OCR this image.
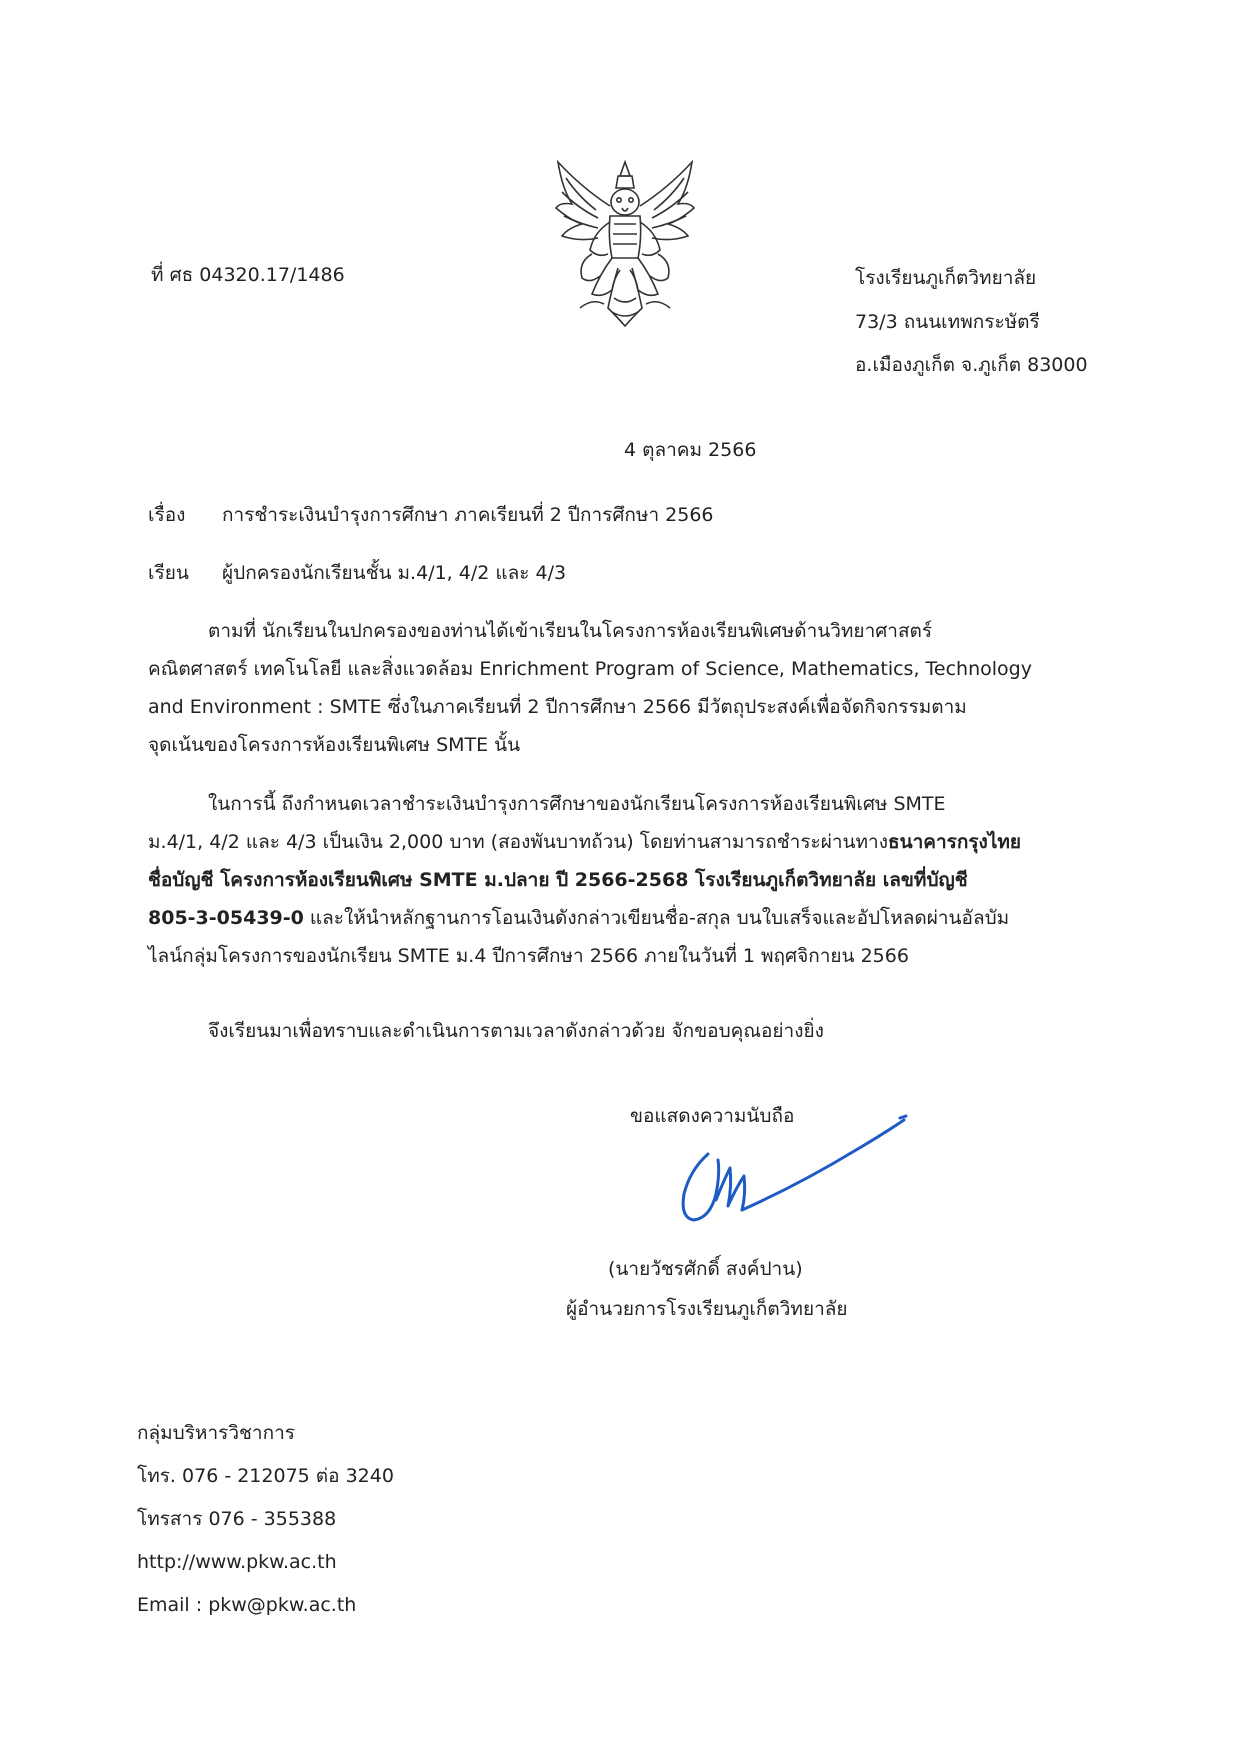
ที่ ศธ 04320.17/1486	โรงเรียนภูเก็ตวิทยาลัย
73/3 ถนนเทพกระษัตรี
อ.เมืองภูเก็ต จ.ภูเก็ต 83000
4 ตุลาคม 2566
เรื่อง การชำระเงินบำรุงการศึกษา ภาคเรียนที่ 2 ปีการศึกษา 2566
เรียน ผู้ปกครองนักเรียนชั้น ม.4/1, 4/2 และ 4/3
ตามที่ นักเรียนในปกครองของท่านได้เข้าเรียนในโครงการห้องเรียนพิเศษด้านวิทยาศาสตร์
คณิตศาสตร์ เทคโนโลยี และสิ่งแวดล้อม Enrichment Program of Science, Mathematics, Technology
and Environment : SMTE ซึ่งในภาคเรียนที่ 2 ปีการศึกษา 2566 มีวัตถุประสงค์เพื่อจัดกิจกรรมตาม
จุดเน้นของโครงการห้องเรียนพิเศษ SMTE นั้น
ในการนี้ ถึงกำหนดเวลาชำระเงินบำรุงการศึกษาของนักเรียนโครงการห้องเรียนพิเศษ SMTE
ม.4/1, 4/2 และ 4/3 เป็นเงิน 2,000 บาท (สองพันบาทถ้วน) โดยท่านสามารถชำระผ่านทางธนาคารกรุงไทย
ชื่อบัญชี โครงการห้องเรียนพิเศษ SMTE ม.ปลาย ปี 2566-2568 โรงเรียนภูเก็ตวิทยาลัย เลขที่บัญชี
805-3-05439-0 และให้นำหลักฐานการโอนเงินดังกล่าวเขียนชื่อ-สกุล บนใบเสร็จและอัปโหลดผ่านอัลบัม
ไลน์กลุ่มโครงการของนักเรียน SMTE ม.4 ปีการศึกษา 2566 ภายในวันที่ 1 พฤศจิกายน 2566
จึงเรียนมาเพื่อทราบและดำเนินการตามเวลาดังกล่าวด้วย จักขอบคุณอย่างยิ่ง
ขอแสดงความนับถือ
(นายวัชรศักดิ์ สงค์ปาน)
ผู้อำนวยการโรงเรียนภูเก็ตวิทยาลัย
กลุ่มบริหารวิชาการ
โทร. 076 - 212075 ต่อ 3240
โทรสาร 076 - 355388
http://www.pkw.ac.th
Email : pkw@pkw.ac.th
